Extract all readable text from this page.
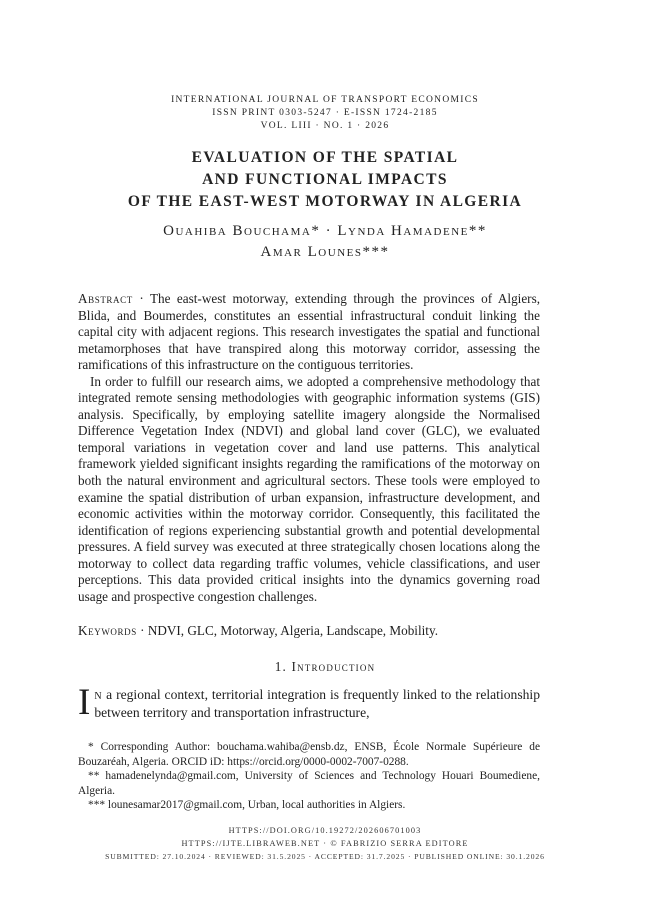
INTERNATIONAL JOURNAL OF TRANSPORT ECONOMICS
ISSN PRINT 0303-5247 · E-ISSN 1724-2185
VOL. LIII · NO. 1 · 2026
EVALUATION OF THE SPATIAL
AND FUNCTIONAL IMPACTS
OF THE EAST-WEST MOTORWAY IN ALGERIA
Ouahiba Bouchama* · Lynda Hamadene**
Amar Lounes***

Abstract · The east-west motorway, extending through the provinces of Algiers, Blida, and Boumerdes, constitutes an essential infrastructural conduit linking the capital city with adjacent regions. This research investigates the spatial and functional metamorphoses that have transpired along this motorway corridor, assessing the ramifications of this infrastructure on the contiguous territories.

In order to fulfill our research aims, we adopted a comprehensive methodology that integrated remote sensing methodologies with geographic information systems (GIS) analysis. Specifically, by employing satellite imagery alongside the Normalised Difference Vegetation Index (NDVI) and global land cover (GLC), we evaluated temporal variations in vegetation cover and land use patterns. This analytical framework yielded significant insights regarding the ramifications of the motorway on both the natural environment and agricultural sectors. These tools were employed to examine the spatial distribution of urban expansion, infrastructure development, and economic activities within the motorway corridor. Consequently, this facilitated the identification of regions experiencing substantial growth and potential developmental pressures. A field survey was executed at three strategically chosen locations along the motorway to collect data regarding traffic volumes, vehicle classifications, and user perceptions. This data provided critical insights into the dynamics governing road usage and prospective congestion challenges.

Keywords · NDVI, GLC, Motorway, Algeria, Landscape, Mobility.

1. Introduction
In a regional context, territorial integration is frequently linked to the relationship between territory and transportation infrastructure,

* Corresponding Author: bouchama.wahiba@ensb.dz, ENSB, École Normale Supérieure de Bouzaréah, Algeria. ORCID iD: https://orcid.org/0000-0002-7007-0288.

** hamadenelynda@gmail.com, University of Sciences and Technology Houari Boumediene, Algeria.

*** lounesamar2017@gmail.com, Urban, local authorities in Algiers.

HTTPS://DOI.ORG/10.19272/202606701003
HTTPS://IJTE.LIBRAWEB.NET · © FABRIZIO SERRA EDITORE
SUBMITTED: 27.10.2024 · REVIEWED: 31.5.2025 · ACCEPTED: 31.7.2025 · PUBLISHED ONLINE: 30.1.2026
